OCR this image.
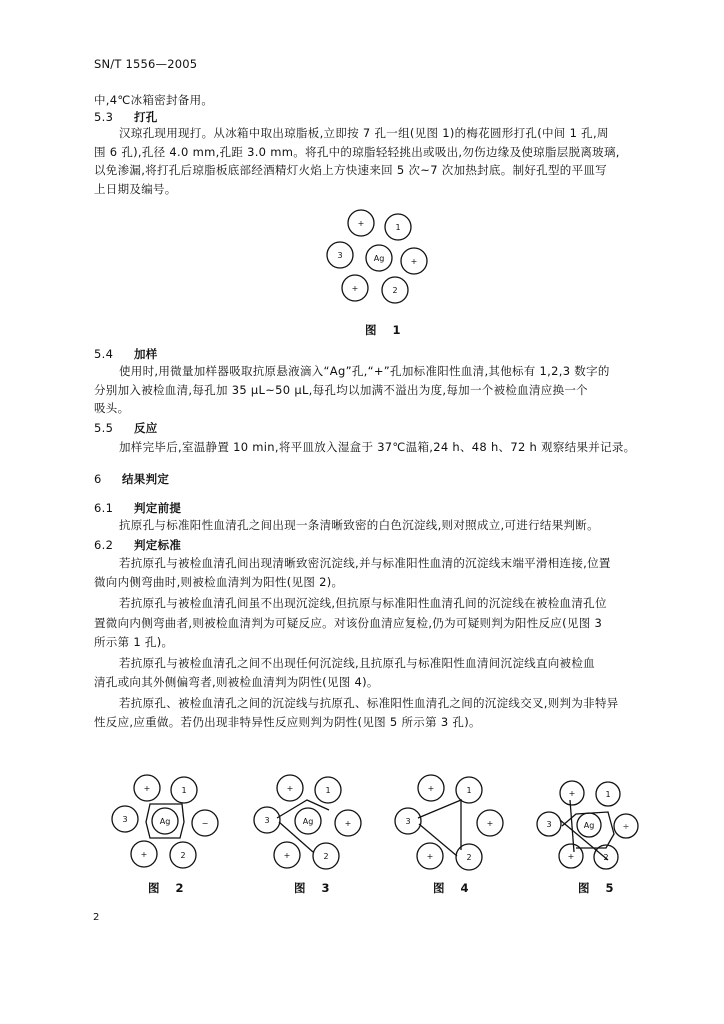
SN/T 1556—2005
中,4℃冰箱密封备用。
5.3 打孔
汉琼孔现用现打。从冰箱中取出琼脂板,立即按 7 孔一组(见图 1)的梅花圆形打孔(中间 1 孔,周
围 6 孔),孔径 4.0 mm,孔距 3.0 mm。将孔中的琼脂轻轻挑出或吸出,勿伤边缘及使琼脂层脱离玻璃,
以免渗漏,将打孔后琼脂板底部经酒精灯火焰上方快速来回 5 次~7 次加热封底。制好孔型的平皿写
上日期及编号。
+	1
3	Ag	+
+	2
图 1
5.4 加样
使用时,用微量加样器吸取抗原悬液滴入“Ag”孔,“+”孔加标准阳性血清,其他标有 1,2,3 数字的
分别加入被检血清,每孔加 35 μL~50 μL,每孔均以加满不溢出为度,每加一个被检血清应换一个
吸头。
5.5 反应
加样完毕后,室温静置 10 min,将平皿放入湿盒于 37℃温箱,24 h、48 h、72 h 观察结果并记录。
6 结果判定
6.1 判定前提
抗原孔与标准阳性血清孔之间出现一条清晰致密的白色沉淀线,则对照成立,可进行结果判断。
6.2 判定标准
若抗原孔与被检血清孔间出现清晰致密沉淀线,并与标准阳性血清的沉淀线末端平滑相连接,位置
微向内侧弯曲时,则被检血清判为阳性(见图 2)。
若抗原孔与被检血清孔间虽不出现沉淀线,但抗原与标准阳性血清孔间的沉淀线在被检血清孔位
置微向内侧弯曲者,则被检血清判为可疑反应。对该份血清应复检,仍为可疑则判为阳性反应(见图 3
所示第 1 孔)。
若抗原孔与被检血清孔之间不出现任何沉淀线,且抗原孔与标准阳性血清间沉淀线直向被检血
清孔或向其外侧偏弯者,则被检血清判为阴性(见图 4)。
若抗原孔、被检血清孔之间的沉淀线与抗原孔、标准阳性血清孔之间的沉淀线交叉,则判为非特异
性反应,应重做。若仍出现非特异性反应则判为阴性(见图 5 所示第 3 孔)。
+	1
3	Ag	−
+	2
图 2
+	1
3	Ag	+
+	2
图 3
+	1
3	+
+	2
图 4
+	1
3	Ag	÷
+	2
图 5
2
